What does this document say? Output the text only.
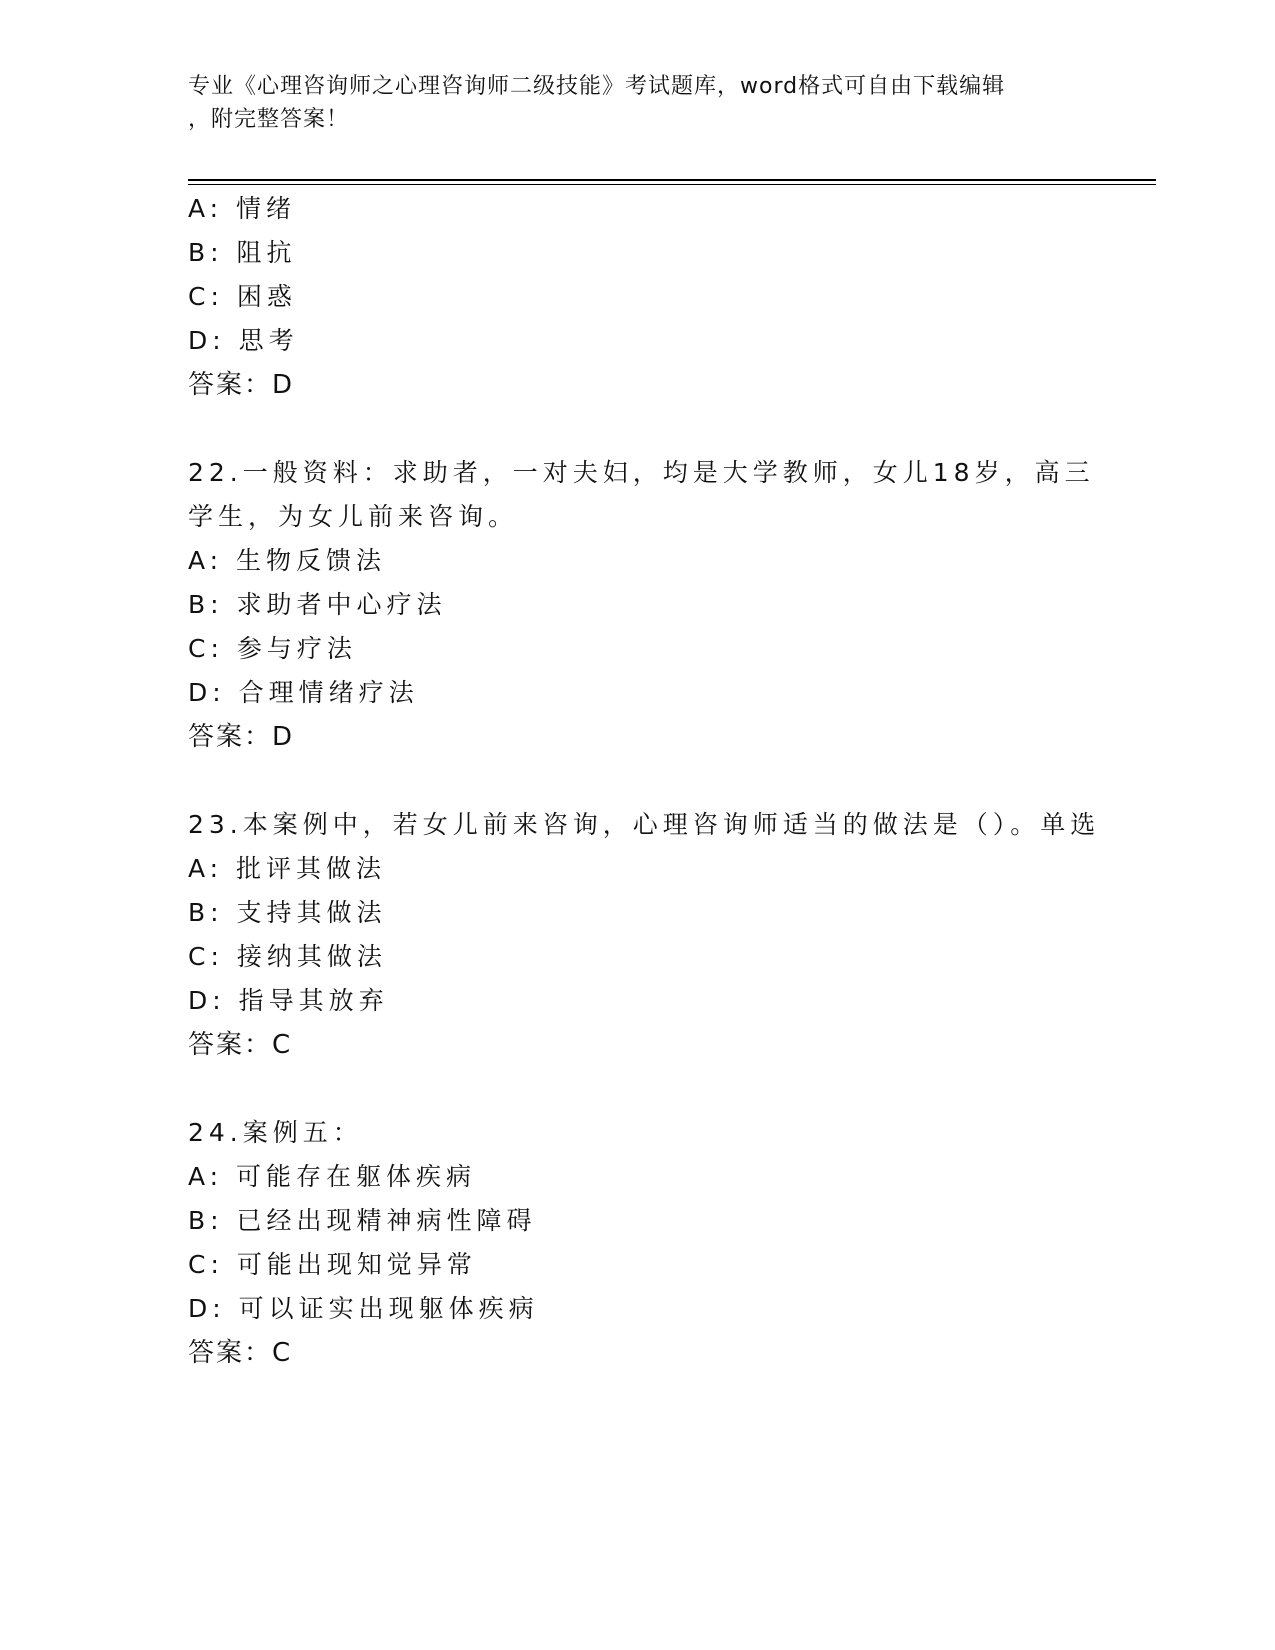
专业《心理咨询师之心理咨询师二级技能》考试题库，word格式可自由下载编辑
，附完整答案！
A: 情绪
B: 阻抗
C: 困惑
D: 思考
答案：D
22.一般资料：求助者，一对夫妇，均是大学教师，女儿18岁，高三
学生，为女儿前来咨询。
A: 生物反馈法
B: 求助者中心疗法
C: 参与疗法
D: 合理情绪疗法
答案：D
23.本案例中，若女儿前来咨询，心理咨询师适当的做法是（）。单选
A: 批评其做法
B: 支持其做法
C: 接纳其做法
D: 指导其放弃
答案：C
24.案例五：
A: 可能存在躯体疾病
B: 已经出现精神病性障碍
C: 可能出现知觉异常
D: 可以证实出现躯体疾病
答案：C
